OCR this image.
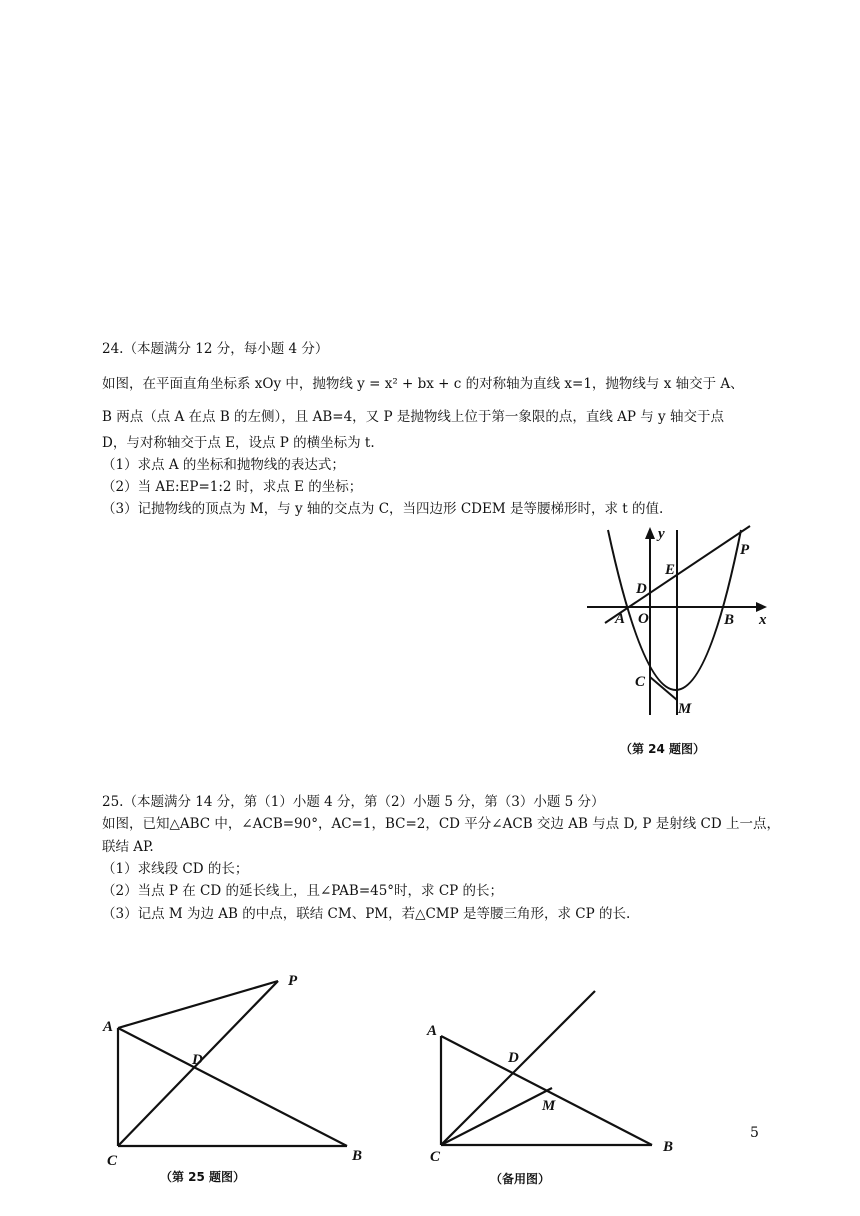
24.（本题满分 12 分，每小题 4 分）
如图，在平面直角坐标系 xOy 中，抛物线 y = x² + bx + c 的对称轴为直线 x=1，抛物线与 x 轴交于 A、
B 两点（点 A 在点 B 的左侧），且 AB=4，又 P 是抛物线上位于第一象限的点，直线 AP 与 y 轴交于点
D，与对称轴交于点 E，设点 P 的横坐标为 t.
（1）求点 A 的坐标和抛物线的表达式；
（2）当 AE:EP=1:2 时，求点 E 的坐标；
（3）记抛物线的顶点为 M，与 y 轴的交点为 C，当四边形 CDEM 是等腰梯形时，求 t 的值.
y
x
P
E
D
A O	B
C
M
（第 24 题图）
25.（本题满分 14 分，第（1）小题 4 分，第（2）小题 5 分，第（3）小题 5 分）
如图，已知△ABC 中，∠ACB=90°，AC=1，BC=2，CD 平分∠ACB 交边 AB 与点 D, P 是射线 CD 上一点，
联结 AP.
（1）求线段 CD 的长；
（2）当点 P 在 CD 的延长线上，且∠PAB=45°时，求 CP 的长；
（3）记点 M 为边 AB 的中点，联结 CM、PM，若△CMP 是等腰三角形，求 CP 的长.
P
A
D
C	B
（第 25 题图）
A
D
M
C
B
（备用图）
5
